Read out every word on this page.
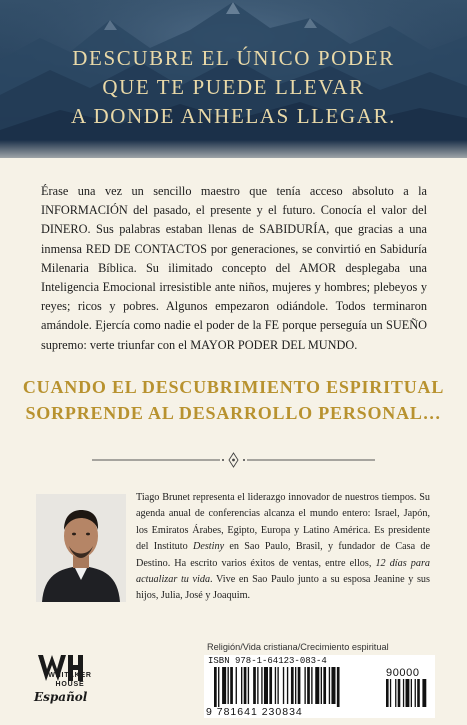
DESCUBRE EL ÚNICO PODER
QUE TE PUEDE LLEVAR
A DONDE ANHELAS LLEGAR.

Érase una vez un sencillo maestro que tenía acceso absoluto a la INFORMACIÓN del pasado, el presente y el futuro. Conocía el valor del DINERO. Sus palabras estaban llenas de SABIDURÍA, que gracias a una inmensa RED DE CONTACTOS por generaciones, se convirtió en Sabiduría Milenaria Bíblica. Su ilimitado concepto del AMOR desplegaba una Inteligencia Emocional irresistible ante niños, mujeres y hombres; plebeyos y reyes; ricos y pobres. Algunos empezaron odiándole. Todos terminaron amándole. Ejercía como nadie el poder de la FE porque perseguía un SUEÑO supremo: verte triunfar con el MAYOR PODER DEL MUNDO.

CUANDO EL DESCUBRIMIENTO ESPIRITUAL
SORPRENDE AL DESARROLLO PERSONAL…

Tiago Brunet representa el liderazgo innovador de nuestros tiempos. Su agenda anual de conferencias alcanza el mundo entero: Israel, Japón, los Emiratos Árabes, Egipto, Europa y Latino América. Es presidente del Instituto Destiny en Sao Paulo, Brasil, y fundador de Casa de Destino. Ha escrito varios éxitos de ventas, entre ellos, 12 días para actualizar tu vida. Vive en Sao Paulo junto a su esposa Jeanine y sus hijos, Julia, José y Joaquim.

WHITAKER
HOUSE
Español
Religión/Vida cristiana/Crecimiento espiritual
ISBN 978-1-64123-083-4
90000
9 781641 230834
